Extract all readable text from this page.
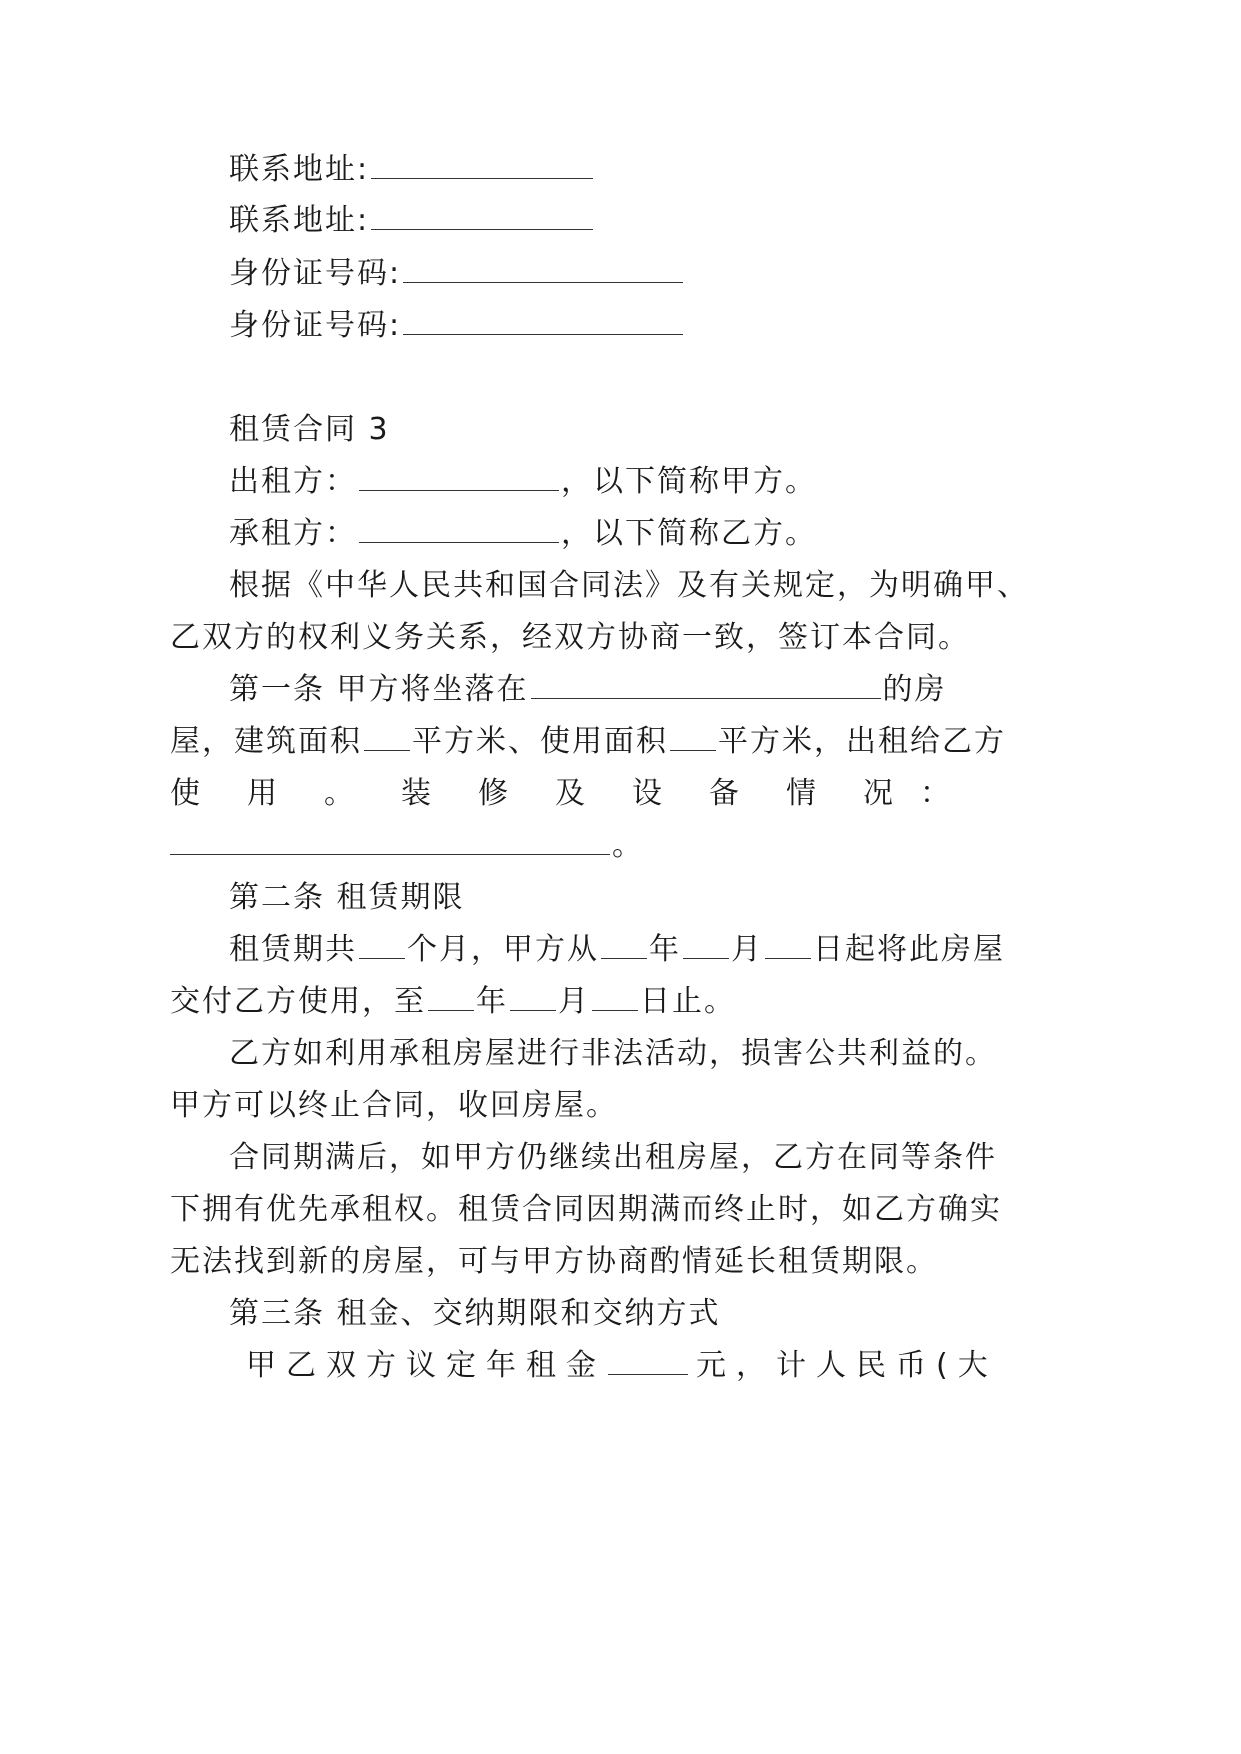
联系地址:
联系地址:
身份证号码:
身份证号码:
租赁合同 3
出租方：	，以下简称甲方。
承租方：	，以下简称乙方。
根据《中华人民共和国合同法》及有关规定，为明确甲、
乙双方的权利义务关系，经双方协商一致，签订本合同。
第一条 甲方将坐落在	的房
屋，建筑面积 平方米、使用面积 平方米，出租给乙方
使 用 。 装 修 及 设 备 情 况 ：
。
第二条 租赁期限
租赁期共 个月，甲方从 年 月 日起将此房屋
交付乙方使用，至 年 月 日止。
乙方如利用承租房屋进行非法活动，损害公共利益的。
甲方可以终止合同，收回房屋。
合同期满后，如甲方仍继续出租房屋，乙方在同等条件
下拥有优先承租权。租赁合同因期满而终止时，如乙方确实
无法找到新的房屋，可与甲方协商酌情延长租赁期限。
第三条 租金、交纳期限和交纳方式
甲乙双方议定年租金	元，计人民币(大
